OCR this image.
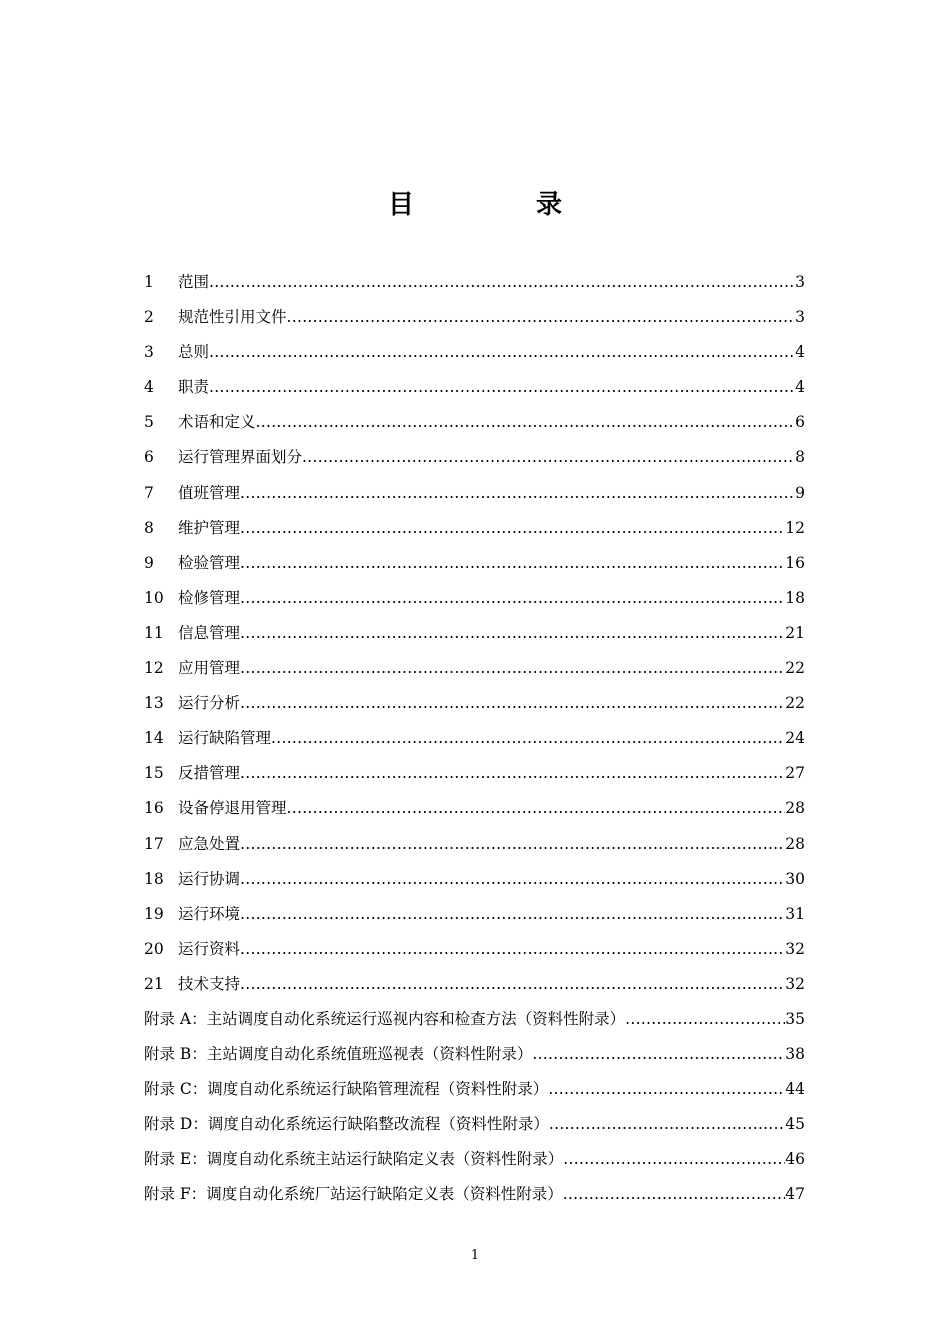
目　录
1	范围 .....	3
2	规范性引用文件 .....	3
3	总则 .....	4
4	职责 .....	4
5	术语和定义 .....	6
6	运行管理界面划分 .....	8
7	值班管理 .....	9
8	维护管理 .....	12
9	检验管理 .....	16
10 检修管理 .....	18
11 信息管理 .....	21
12 应用管理 .....	22
13 运行分析 .....	22
14 运行缺陷管理 .....	24
15 反措管理 .....	27
16 设备停退用管理 .....	28
17 应急处置 .....	28
18 运行协调 .....	30
19 运行环境 .....	31
20 运行资料 .....	32
21 技术支持 .....	32
附录 A： 主站调度自动化系统运行巡视内容和检查方法（资料性附录） .....	35
附录 B： 主站调度自动化系统值班巡视表（资料性附录） .....	38
附录 C： 调度自动化系统运行缺陷管理流程（资料性附录） .....	44
附录 D： 调度自动化系统运行缺陷整改流程（资料性附录） .....	45
附录 E： 调度自动化系统主站运行缺陷定义表（资料性附录） .....	46
附录 F： 调度自动化系统厂站运行缺陷定义表（资料性附录） .....	47
1
